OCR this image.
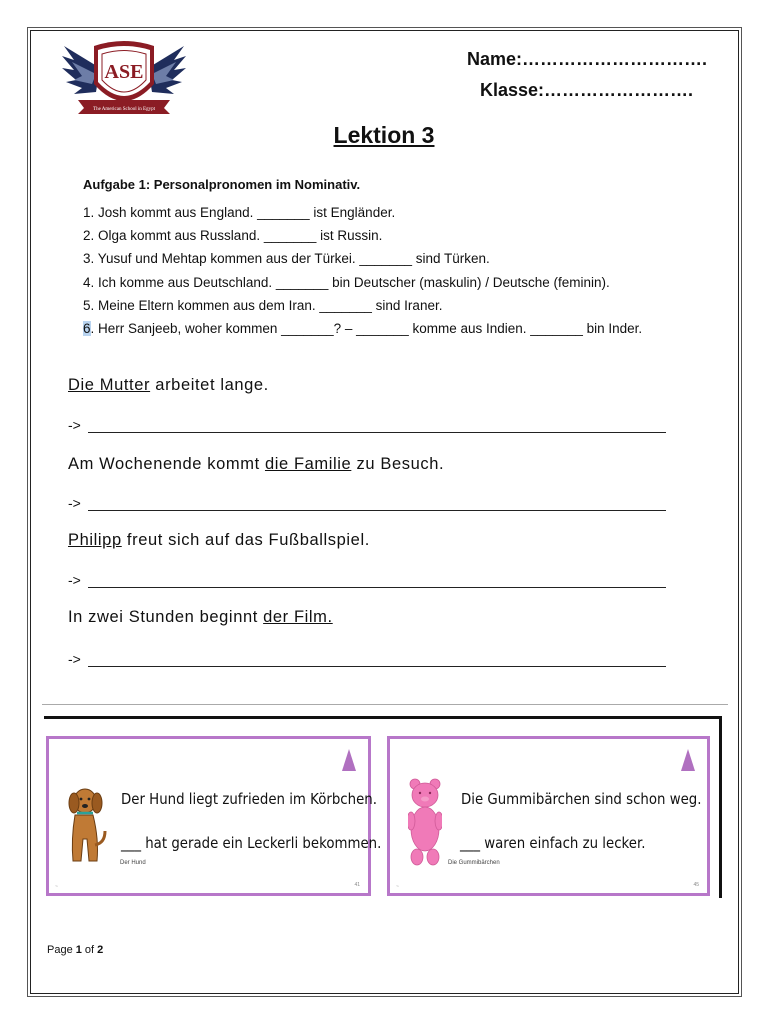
ASE
The American School in Egypt
Name:………………………….
Klasse:…………………….
Lektion 3
Aufgabe 1: Personalpronomen im Nominativ.
1. Josh kommt aus England. _______ ist Engländer.
2. Olga kommt aus Russland. _______ ist Russin.
3. Yusuf und Mehtap kommen aus der Türkei. _______ sind Türken.
4. Ich komme aus Deutschland. _______ bin Deutscher (maskulin) / Deutsche (feminin).
5. Meine Eltern kommen aus dem Iran. _______ sind Iraner.
6. Herr Sanjeeb, woher kommen _______? – _______ komme aus Indien. _______ bin Inder.
Die Mutter arbeitet lange.
->
Am Wochenende kommt die Familie zu Besuch.
->
Philipp freut sich auf das Fußballspiel.
->
In zwei Stunden beginnt der Film.
->
Der Hund liegt zufrieden im Körbchen.
___ hat gerade ein Leckerli bekommen.
Der Hund
~	41
Die Gummibärchen sind schon weg.
___ waren einfach zu lecker.
Die Gummibärchen
~	45
Page 1 of 2
